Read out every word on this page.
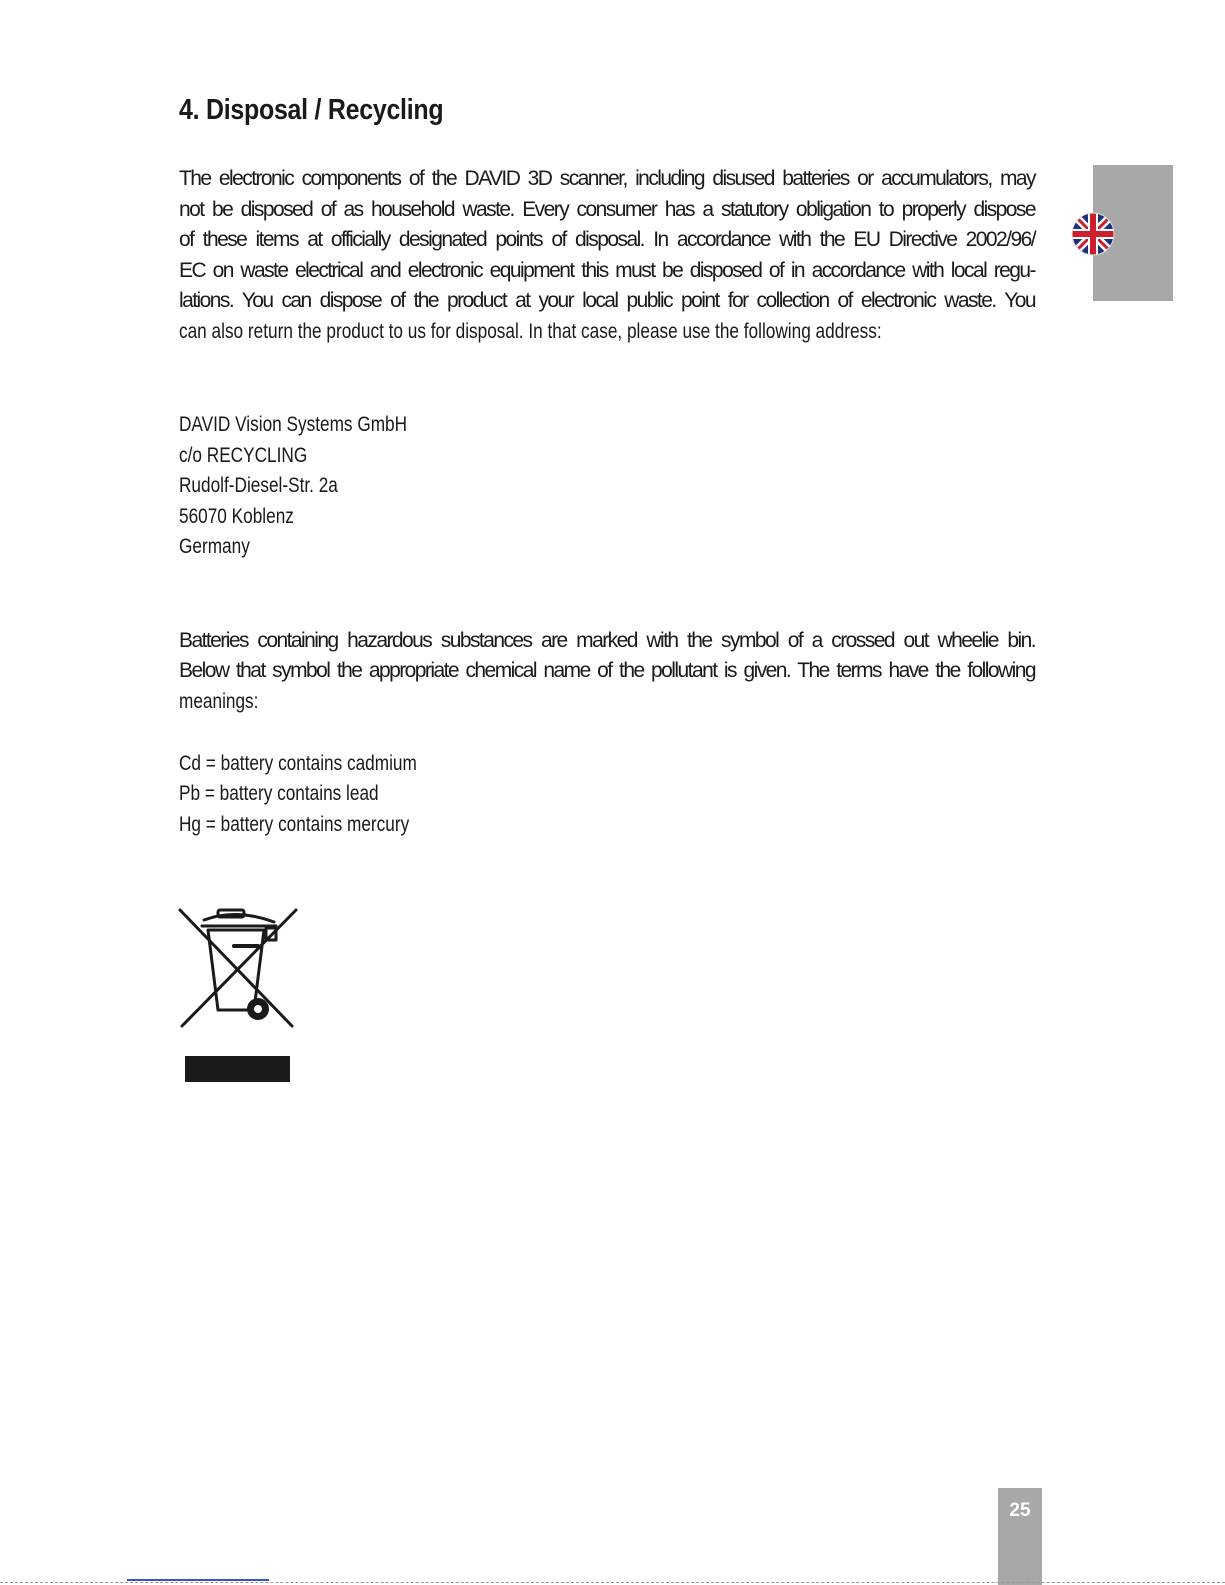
4. Disposal / Recycling
The electronic components of the DAVID 3D scanner, including disused batteries or accumulators, may
not be disposed of as household waste. Every consumer has a statutory obligation to properly dispose
of these items at officially designated points of disposal. In accordance with the EU Directive 2002/96/
EC on waste electrical and electronic equipment this must be disposed of in accordance with local regu-
lations. You can dispose of the product at your local public point for collection of electronic waste. You
can also return the product to us for disposal. In that case, please use the following address:
DAVID Vision Systems GmbH
c/o RECYCLING
Rudolf-Diesel-Str. 2a
56070 Koblenz
Germany
Batteries containing hazardous substances are marked with the symbol of a crossed out wheelie bin.
Below that symbol the appropriate chemical name of the pollutant is given. The terms have the following
meanings:
Cd = battery contains cadmium
Pb = battery contains lead
Hg = battery contains mercury
25
